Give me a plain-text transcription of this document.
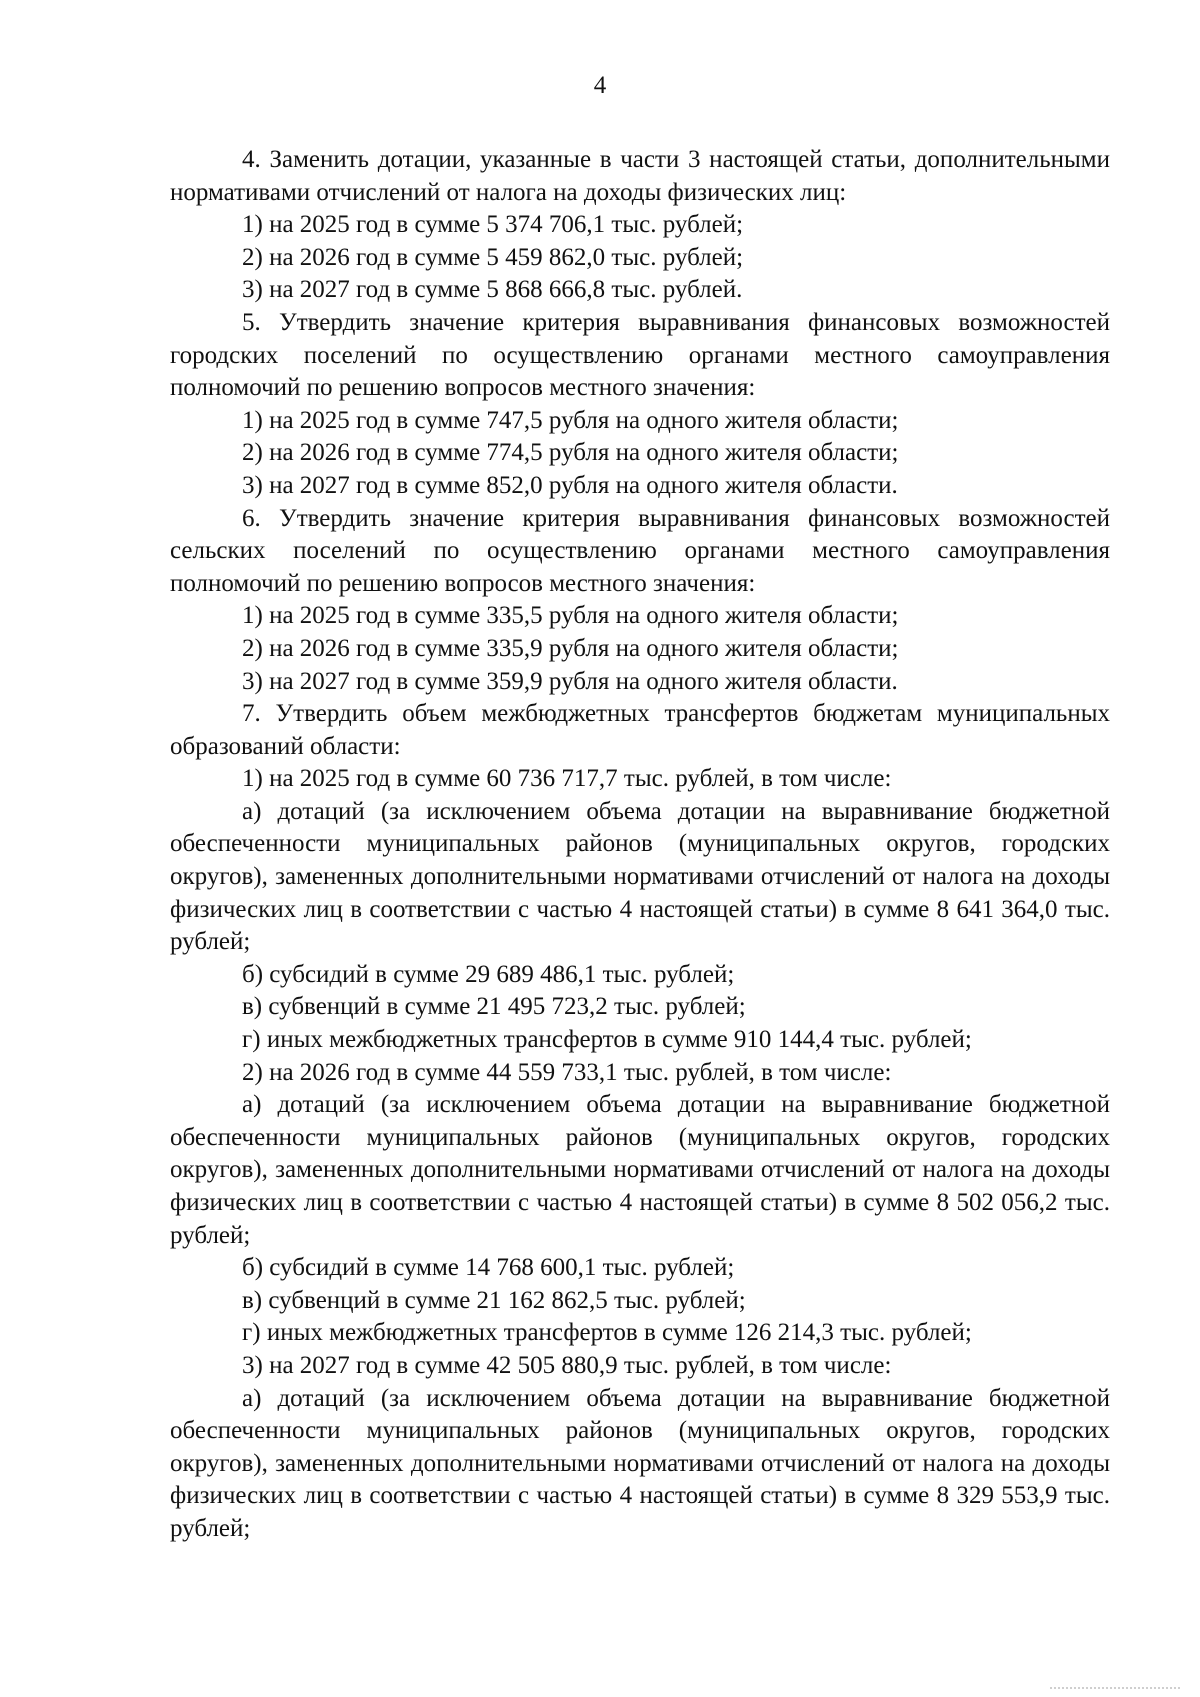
4

4. Заменить дотации, указанные в части 3 настоящей статьи, дополнительными нормативами отчислений от налога на доходы физических лиц:

1) на 2025 год в сумме 5 374 706,1 тыс. рублей;

2) на 2026 год в сумме 5 459 862,0 тыс. рублей;

3) на 2027 год в сумме 5 868 666,8 тыс. рублей.

5. Утвердить значение критерия выравнивания финансовых возможностей городских поселений по осуществлению органами местного самоуправления полномочий по решению вопросов местного значения:

1) на 2025 год в сумме 747,5 рубля на одного жителя области;

2) на 2026 год в сумме 774,5 рубля на одного жителя области;

3) на 2027 год в сумме 852,0 рубля на одного жителя области.

6. Утвердить значение критерия выравнивания финансовых возможностей сельских поселений по осуществлению органами местного самоуправления полномочий по решению вопросов местного значения:

1) на 2025 год в сумме 335,5 рубля на одного жителя области;

2) на 2026 год в сумме 335,9 рубля на одного жителя области;

3) на 2027 год в сумме 359,9 рубля на одного жителя области.

7. Утвердить объем межбюджетных трансфертов бюджетам муниципальных образований области:

1) на 2025 год в сумме 60 736 717,7 тыс. рублей, в том числе:

а) дотаций (за исключением объема дотации на выравнивание бюджетной обеспеченности муниципальных районов (муниципальных округов, городских округов), замененных дополнительными нормативами отчислений от налога на доходы физических лиц в соответствии с частью 4 настоящей статьи) в сумме 8 641 364,0 тыс. рублей;

б) субсидий в сумме 29 689 486,1 тыс. рублей;

в) субвенций в сумме 21 495 723,2 тыс. рублей;

г) иных межбюджетных трансфертов в сумме 910 144,4 тыс. рублей;

2) на 2026 год в сумме 44 559 733,1 тыс. рублей, в том числе:

а) дотаций (за исключением объема дотации на выравнивание бюджетной обеспеченности муниципальных районов (муниципальных округов, городских округов), замененных дополнительными нормативами отчислений от налога на доходы физических лиц в соответствии с частью 4 настоящей статьи) в сумме 8 502 056,2 тыс. рублей;

б) субсидий в сумме 14 768 600,1 тыс. рублей;

в) субвенций в сумме 21 162 862,5 тыс. рублей;

г) иных межбюджетных трансфертов в сумме 126 214,3 тыс. рублей;

3) на 2027 год в сумме 42 505 880,9 тыс. рублей, в том числе:

а) дотаций (за исключением объема дотации на выравнивание бюджетной обеспеченности муниципальных районов (муниципальных округов, городских округов), замененных дополнительными нормативами отчислений от налога на доходы физических лиц в соответствии с частью 4 настоящей статьи) в сумме 8 329 553,9 тыс. рублей;
